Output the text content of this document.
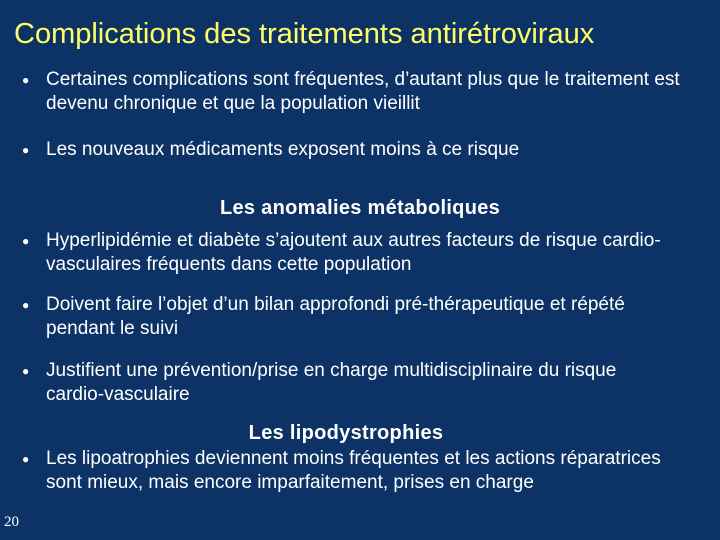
Complications des traitements antirétroviraux
● Certaines complications sont fréquentes, d’autant plus que le traitement est devenu chronique et que la population vieillit
● Les nouveaux médicaments exposent moins à ce risque
Les anomalies métaboliques
● Hyperlipidémie et diabète s’ajoutent aux autres facteurs de risque cardio-vasculaires fréquents dans cette population
● Doivent faire l’objet d’un bilan approfondi pré-thérapeutique et répété pendant le suivi
● Justifient une prévention/prise en charge multidisciplinaire du risque cardio-vasculaire
Les lipodystrophies
● Les lipoatrophies deviennent moins fréquentes et les actions réparatrices sont mieux, mais encore imparfaitement, prises en charge
20
